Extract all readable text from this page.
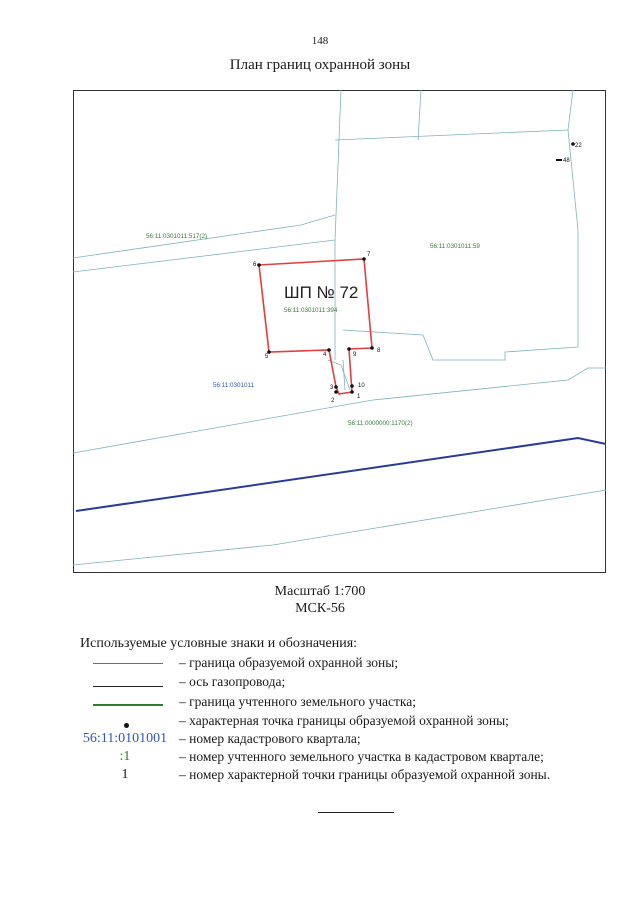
148
План границ охранной зоны
1
2
3
4
5
6
7
8
9
10
22
48
ШП № 72
56:11:0301011:517(2)
56:11:0301011:59
56:11:0301011:394
56:11:0000000:1170(2)
56:11:0301011
Масштаб 1:700
МСК-56
Используемые условные знаки и обозначения:
– граница образуемой охранной зоны;
– ось газопровода;
– граница учтенного земельного участка;
– характерная точка границы образуемой охранной зоны;
56:11:0101001 – номер кадастрового квартала;
:1	– номер учтенного земельного участка в кадастровом квартале;
1	– номер характерной точки границы образуемой охранной зоны.
